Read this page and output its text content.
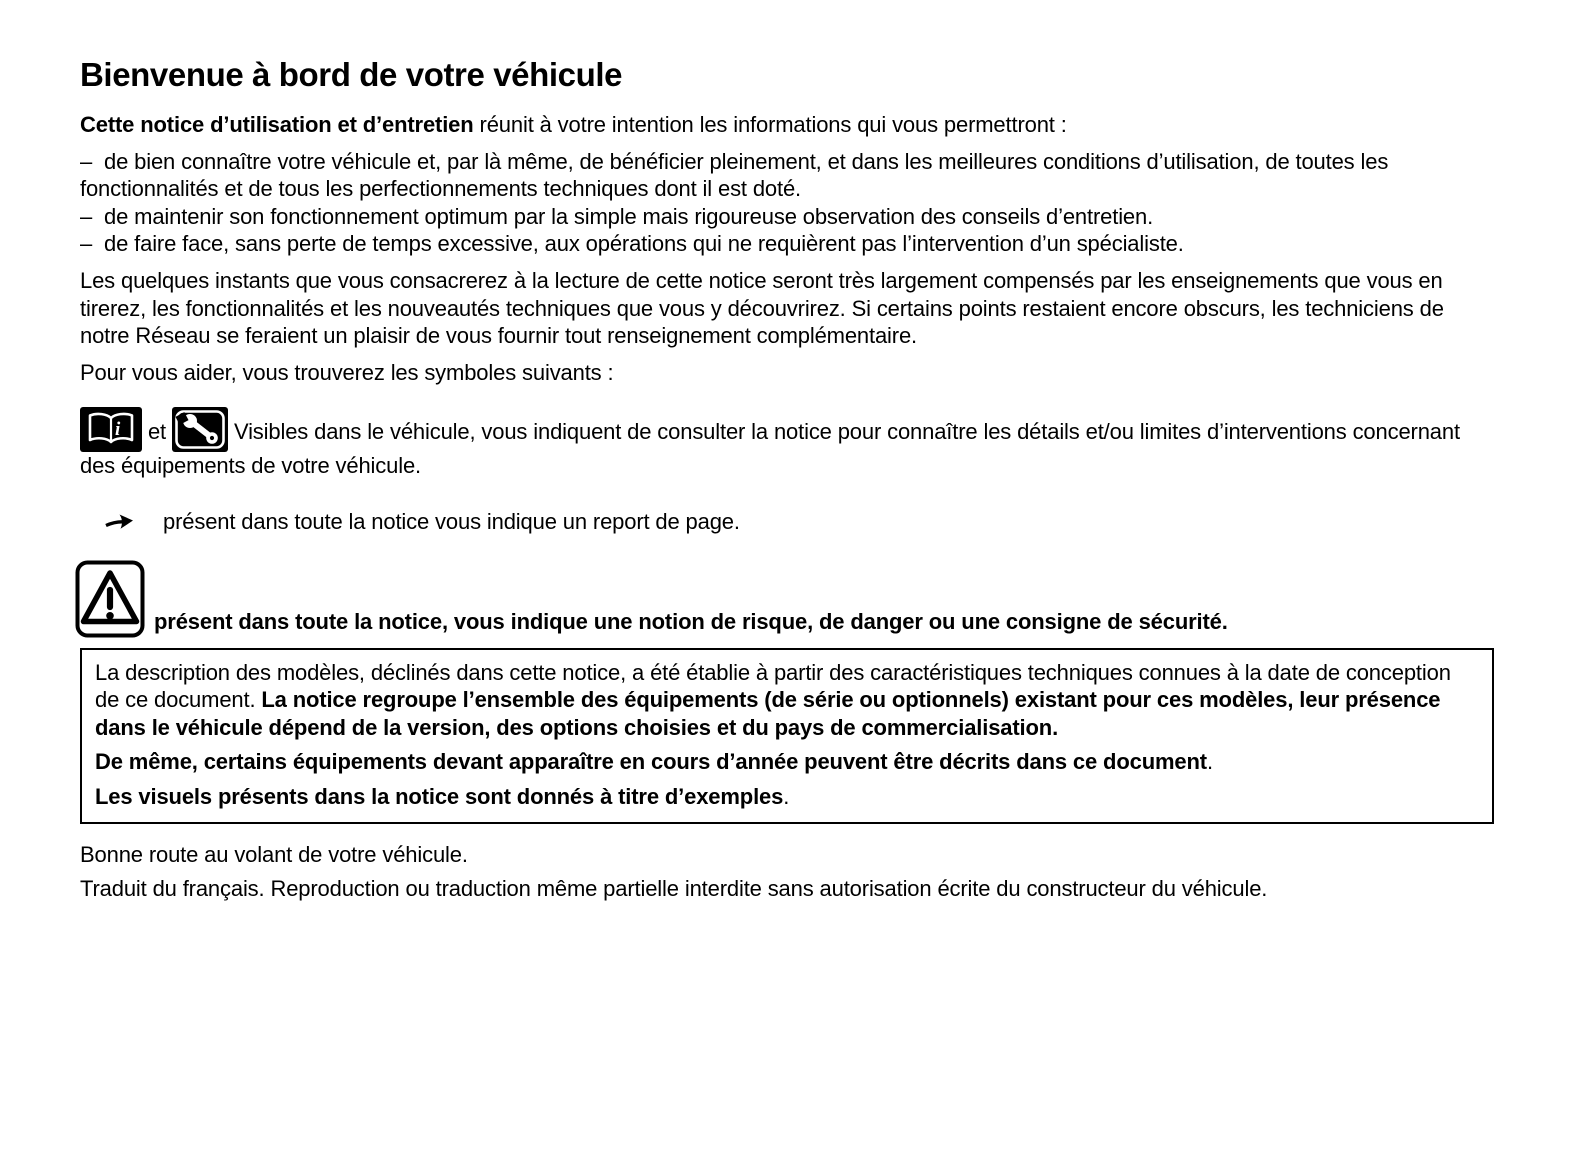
Bienvenue à bord de votre véhicule

Cette notice d’utilisation et d’entretien réunit à votre intention les informations qui vous permettront :

–  de bien connaître votre véhicule et, par là même, de bénéficier pleinement, et dans les meilleures conditions d’utilisation, de toutes les fonctionnalités et de tous les perfectionnements techniques dont il est doté.

–  de maintenir son fonctionnement optimum par la simple mais rigoureuse observation des conseils d’entretien.

–  de faire face, sans perte de temps excessive, aux opérations qui ne requièrent pas l’intervention d’un spécialiste.

Les quelques instants que vous consacrerez à la lecture de cette notice seront très largement compensés par les enseignements que vous en tirerez, les fonctionnalités et les nouveautés techniques que vous y découvrirez. Si certains points restaient encore obscurs, les techniciens de notre Réseau se feraient un plaisir de vous fournir tout renseignement complémentaire.

Pour vous aider, vous trouverez les symboles suivants :

i et	Visibles dans le véhicule, vous indiquent de consulter la notice pour connaître les détails et/ou limites d’interventions concernant des équipements de votre véhicule.

présent dans toute la notice vous indique un report de page.
présent dans toute la notice, vous indique une notion de risque, de danger ou une consigne de sécurité.

La description des modèles, déclinés dans cette notice, a été établie à partir des caractéristiques techniques connues à la date de conception de ce document. La notice regroupe l’ensemble des équipements (de série ou optionnels) existant pour ces modèles, leur présence dans le véhicule dépend de la version, des options choisies et du pays de commercialisation.

De même, certains équipements devant apparaître en cours d’année peuvent être décrits dans ce document.

Les visuels présents dans la notice sont donnés à titre d’exemples.

Bonne route au volant de votre véhicule.

Traduit du français. Reproduction ou traduction même partielle interdite sans autorisation écrite du constructeur du véhicule.
